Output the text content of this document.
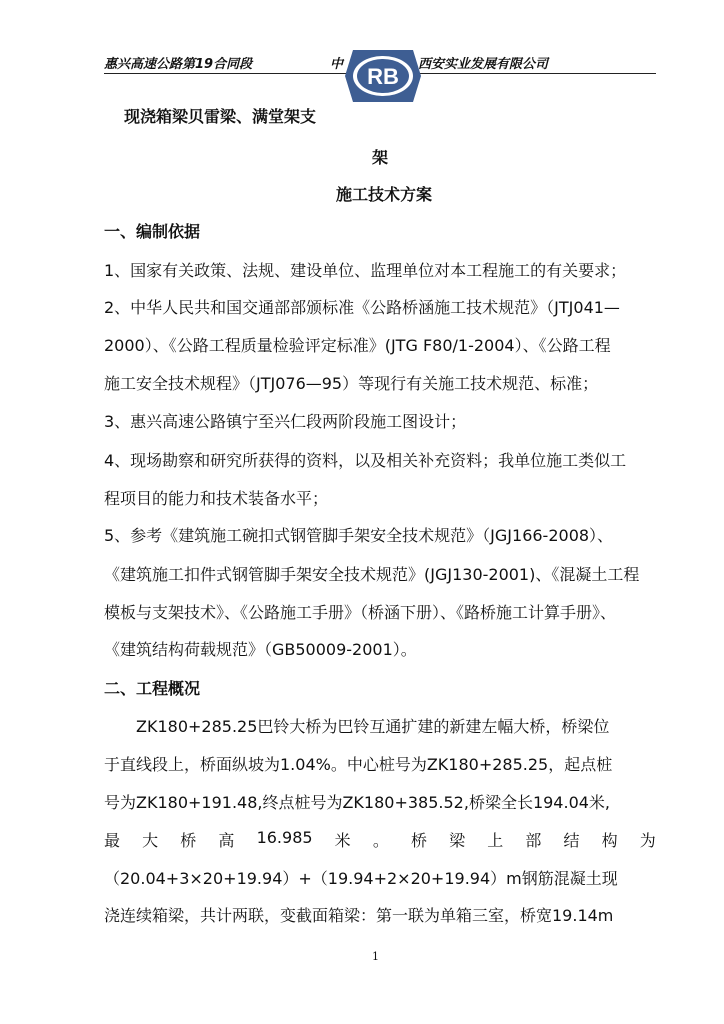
惠兴高速公路第19合同段	中	西安实业发展有限公司
RB
现浇箱梁贝雷梁、满堂架支
架
施工技术方案
一、编制依据
1、国家有关政策、法规、建设单位、监理单位对本工程施工的有关要求；
2、中华人民共和国交通部部颁标准《公路桥涵施工技术规范》（JTJ041—
2000）、《公路工程质量检验评定标准》(JTG F80/1-2004）、《公路工程
施工安全技术规程》（JTJ076—95）等现行有关施工技术规范、标准；
3、惠兴高速公路镇宁至兴仁段两阶段施工图设计；
4、现场勘察和研究所获得的资料，以及相关补充资料；我单位施工类似工
程项目的能力和技术装备水平；
5、参考《建筑施工碗扣式钢管脚手架安全技术规范》（JGJ166-2008）、
《建筑施工扣件式钢管脚手架安全技术规范》(JGJ130-2001)、《混凝土工程
模板与支架技术》、《公路施工手册》（桥涵下册）、《路桥施工计算手册》、
《建筑结构荷载规范》（GB50009-2001）。
二、工程概况
ZK180+285.25巴铃大桥为巴铃互通扩建的新建左幅大桥，桥梁位
于直线段上，桥面纵坡为1.04%。中心桩号为ZK180+285.25，起点桩
号为ZK180+191.48,终点桩号为ZK180+385.52,桥梁全长194.04米,
最 大 桥 高 16.985 米 。 桥 梁 上 部 结 构 为
（20.04+3×20+19.94）+（19.94+2×20+19.94）m钢筋混凝土现
浇连续箱梁，共计两联，变截面箱梁：第一联为单箱三室，桥宽19.14m
1
